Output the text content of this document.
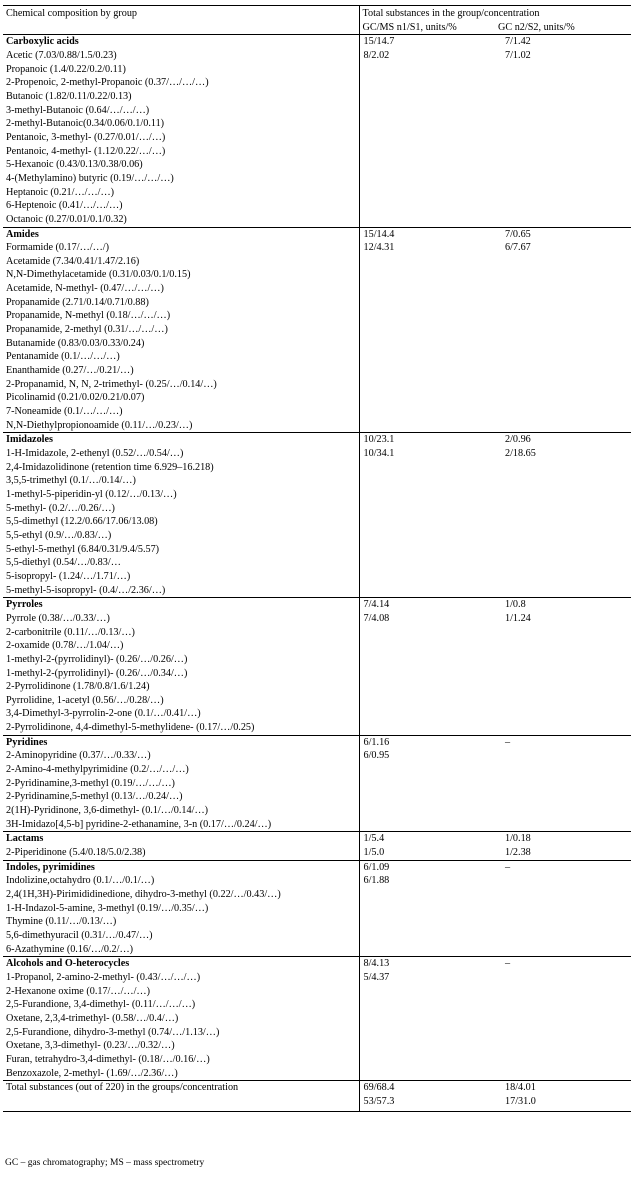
Chemical composition by group	Total substances in the group/concentration	
	GC/MS n1/S1, units/%	GC n2/S2, units/%
Carboxylic acids	15/14.7	7/1.42
Acetic (7.03/0.88/1.5/0.23)	8/2.02	7/1.02
Propanoic (1.4/0.22/0.2/0.11)		
2-Propenoic, 2-methyl-Propanoic (0.37/…/…/…)		
Butanoic (1.82/0.11/0.22/0.13)		
3-methyl-Butanoic (0.64/…/…/…)		
2-methyl-Butanoic(0.34/0.06/0.1/0.11)		
Pentanoic, 3-methyl- (0.27/0.01/…/…)		
Pentanoic, 4-methyl- (1.12/0.22/…/…)		
5-Hexanoic (0.43/0.13/0.38/0.06)		
4-(Methylamino) butyric (0.19/…/…/…)		
Heptanoic (0.21/…/…/…)		
6-Heptenoic (0.41/…/…/…)		
Octanoic (0.27/0.01/0.1/0.32)		
Amides	15/14.4	7/0.65
Formamide (0.17/…/…/)	12/4.31	6/7.67
Acetamide (7.34/0.41/1.47/2.16)		
N,N-Dimethylacetamide (0.31/0.03/0.1/0.15)		
Acetamide, N-methyl- (0.47/…/…/…)		
Propanamide (2.71/0.14/0.71/0.88)		
Propanamide, N-methyl (0.18/…/…/…)		
Propanamide, 2-methyl (0.31/…/…/…)		
Butanamide (0.83/0.03/0.33/0.24)		
Pentanamide (0.1/…/…/…)		
Enanthamide (0.27/…/0.21/…)		
2-Propanamid, N, N, 2-trimethyl- (0.25/…/0.14/…)		
Picolinamid (0.21/0.02/0.21/0.07)		
7-Noneamide (0.1/…/…/…)		
N,N-Diethylpropionoamide (0.11/…/0.23/…)		
Imidazoles	10/23.1	2/0.96
1-H-Imidazole, 2-ethenyl (0.52/…/0.54/…)	10/34.1	2/18.65
2,4-Imidazolidinone (retention time 6.929–16.218)		
3,5,5-trimethyl (0.1/…/0.14/…)		
1-methyl-5-piperidin-yl (0.12/…/0.13/…)		
5-methyl- (0.2/…/0.26/…)		
5,5-dimethyl (12.2/0.66/17.06/13.08)		
5,5-ethyl (0.9/…/0.83/…)		
5-ethyl-5-methyl (6.84/0.31/9.4/5.57)		
5,5-diethyl (0.54/…/0.83/…		
5-isopropyl- (1.24/…/1.71/…)		
5-methyl-5-isopropyl- (0.4/…/2.36/…)		
Pyrroles	7/4.14	1/0.8
Pyrrole (0.38/…/0.33/…)	7/4.08	1/1.24
2-carbonitrile (0.11/…/0.13/…)		
2-oxamide (0.78/…/1.04/…)		
1-methyl-2-(pyrrolidinyl)- (0.26/…/0.26/…)		
1-methyl-2-(pyrrolidinyl)- (0.26/…/0.34/…)		
2-Pyrrolidinone (1.78/0.8/1.6/1.24)		
Pyrrolidine, 1-acetyl (0.56/…/0.28/…)		
3,4-Dimethyl-3-pyrrolin-2-one (0.1/…/0.41/…)		
2-Pyrrolidinone, 4,4-dimethyl-5-methylidene- (0.17/…/0.25)		
Pyridines	6/1.16	–
2-Aminopyridine (0.37/…/0.33/…)	6/0.95	
2-Amino-4-methylpyrimidine (0.2/…/…/…)		
2-Pyridinamine,3-methyl (0.19/…/…/…)		
2-Pyridinamine,5-methyl (0.13/…/0.24/…)		
2(1H)-Pyridinone, 3,6-dimethyl- (0.1/…/0.14/…)		
3H-Imidazo[4,5-b] pyridine-2-ethanamine, 3-n (0.17/…/0.24/…)		
Lactams	1/5.4	1/0.18
2-Piperidinone (5.4/0.18/5.0/2.38)	1/5.0	1/2.38
Indoles, pyrimidines	6/1.09	–
Indolizine,octahydro (0.1/…/0.1/…)	6/1.88	
2,4(1H,3H)-Pirimididinedione, dihydro-3-methyl (0.22/…/0.43/…)		
1-H-Indazol-5-amine, 3-methyl (0.19/…/0.35/…)		
Thymine (0.11/…/0.13/…)		
5,6-dimethyuracil (0.31/…/0.47/…)		
6-Azathymine (0.16/…/0.2/…)		
Alcohols and O-heterocycles	8/4.13	–
1-Propanol, 2-amino-2-methyl- (0.43/…/…/…)	5/4.37	
2-Hexanone oxime (0.17/…/…/…)		
2,5-Furandione, 3,4-dimethyl- (0.11/…/…/…)		
Oxetane, 2,3,4-trimethyl- (0.58/…/0.4/…)		
2,5-Furandione, dihydro-3-methyl (0.74/…/1.13/…)		
Oxetane, 3,3-dimethyl- (0.23/…/0.32/…)		
Furan, tetrahydro-3,4-dimethyl- (0.18/…/0.16/…)		
Benzoxazole, 2-methyl- (1.69/…/2.36/…)		
Total substances (out of 220) in the groups/concentration	69/68.4	18/4.01
	53/57.3	17/31.0
GC – gas chromatography; MS – mass spectrometry
